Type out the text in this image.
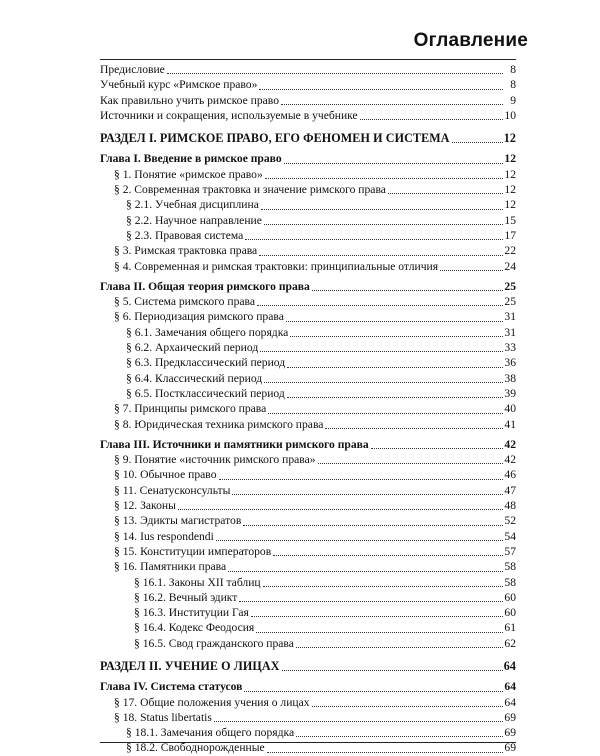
Оглавление
Предисловие	8
Учебный курс «Римское право»	8
Как правильно учить римское право	9
Источники и сокращения, используемые в учебнике	10
РАЗДЕЛ I. РИМСКОЕ ПРАВО, ЕГО ФЕНОМЕН И СИСТЕМА	12
Глава I. Введение в римское право	12
§ 1. Понятие «римское право»	12
§ 2. Современная трактовка и значение римского права	12
§ 2.1. Учебная дисциплина	12
§ 2.2. Научное направление	15
§ 2.3. Правовая система	17
§ 3. Римская трактовка права	22
§ 4. Современная и римская трактовки: принципиальные отличия	24
Глава II. Общая теория римского права	25
§ 5. Система римского права	25
§ 6. Периодизация римского права	31
§ 6.1. Замечания общего порядка	31
§ 6.2. Архаический период	33
§ 6.3. Предклассический период	36
§ 6.4. Классический период	38
§ 6.5. Постклассический период	39
§ 7. Принципы римского права	40
§ 8. Юридическая техника римского права	41
Глава III. Источники и памятники римского права	42
§ 9. Понятие «источник римского права»	42
§ 10. Обычное право	46
§ 11. Сенатусконсульты	47
§ 12. Законы	48
§ 13. Эдикты магистратов	52
§ 14. Ius respondendi	54
§ 15. Конституции императоров	57
§ 16. Памятники права	58
§ 16.1. Законы XII таблиц	58
§ 16.2. Вечный эдикт	60
§ 16.3. Институции Гая	60
§ 16.4. Кодекс Феодосия	61
§ 16.5. Свод гражданского права	62
РАЗДЕЛ II. УЧЕНИЕ О ЛИЦАХ	64
Глава IV. Система статусов	64
§ 17. Общие положения учения о лицах	64
§ 18. Status libertatis	69
§ 18.1. Замечания общего порядка	69
§ 18.2. Свободнорожденные	69
